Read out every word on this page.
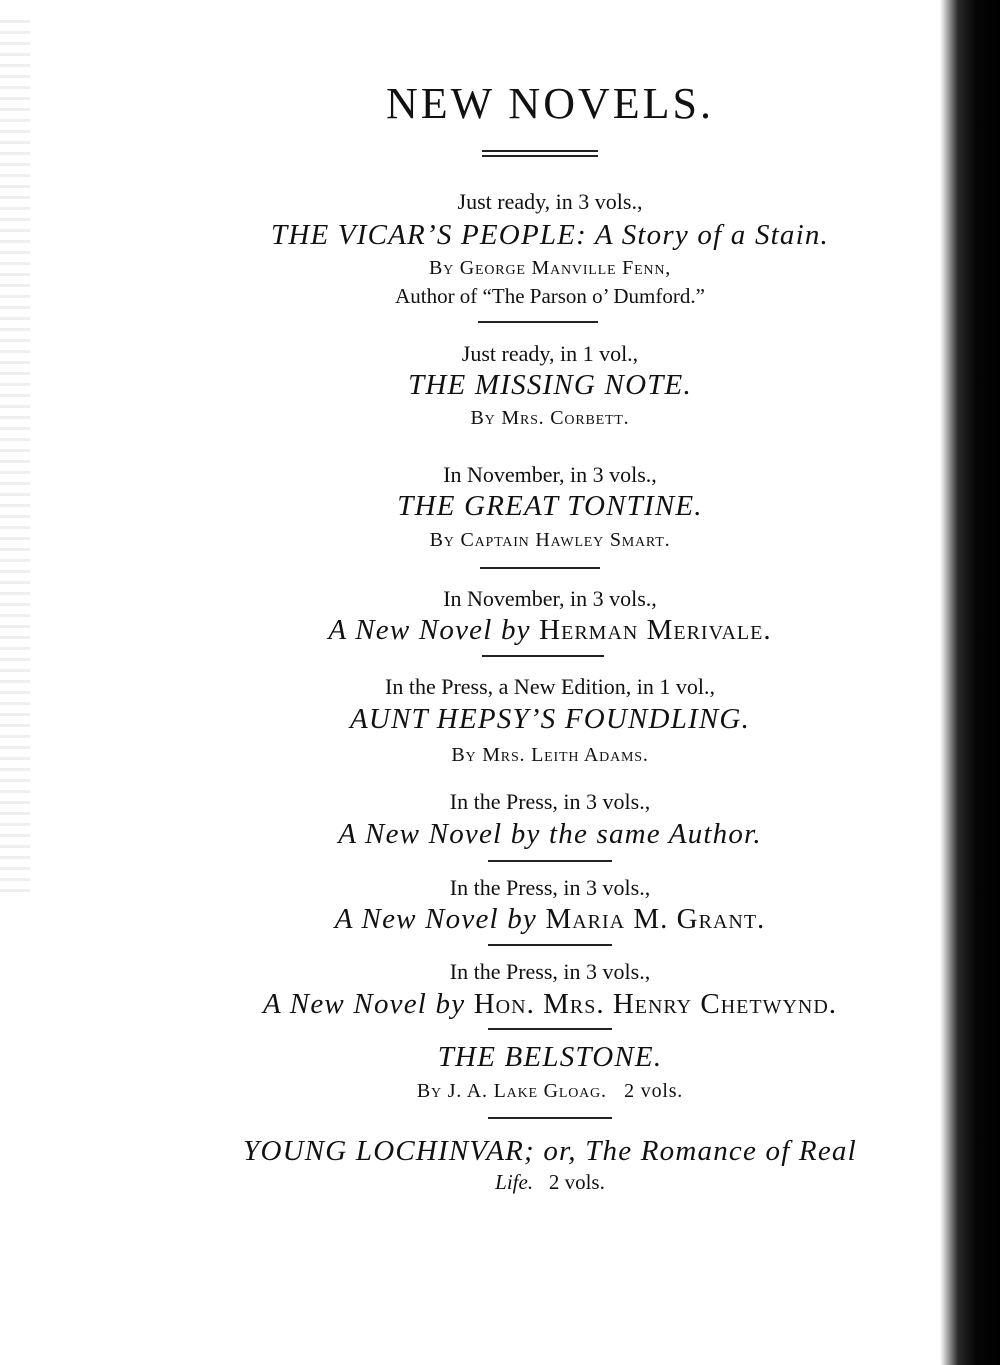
NEW NOVELS.
Just ready, in 3 vols.,
THE VICAR’S PEOPLE: A Story of a Stain.
By George Manville Fenn,
Author of “The Parson o’ Dumford.”
Just ready, in 1 vol.,
THE MISSING NOTE.
By Mrs. Corbett.
In November, in 3 vols.,
THE GREAT TONTINE.
By Captain Hawley Smart.
In November, in 3 vols.,
A New Novel by Herman Merivale.
In the Press, a New Edition, in 1 vol.,
AUNT HEPSY’S FOUNDLING.
By Mrs. Leith Adams.
In the Press, in 3 vols.,
A New Novel by the same Author.
In the Press, in 3 vols.,
A New Novel by Maria M. Grant.
In the Press, in 3 vols.,
A New Novel by Hon. Mrs. Henry Chetwynd.
THE BELSTONE.
By J. A. Lake Gloag. 2 vols.
YOUNG LOCHINVAR; or, The Romance of Real
Life. 2 vols.
